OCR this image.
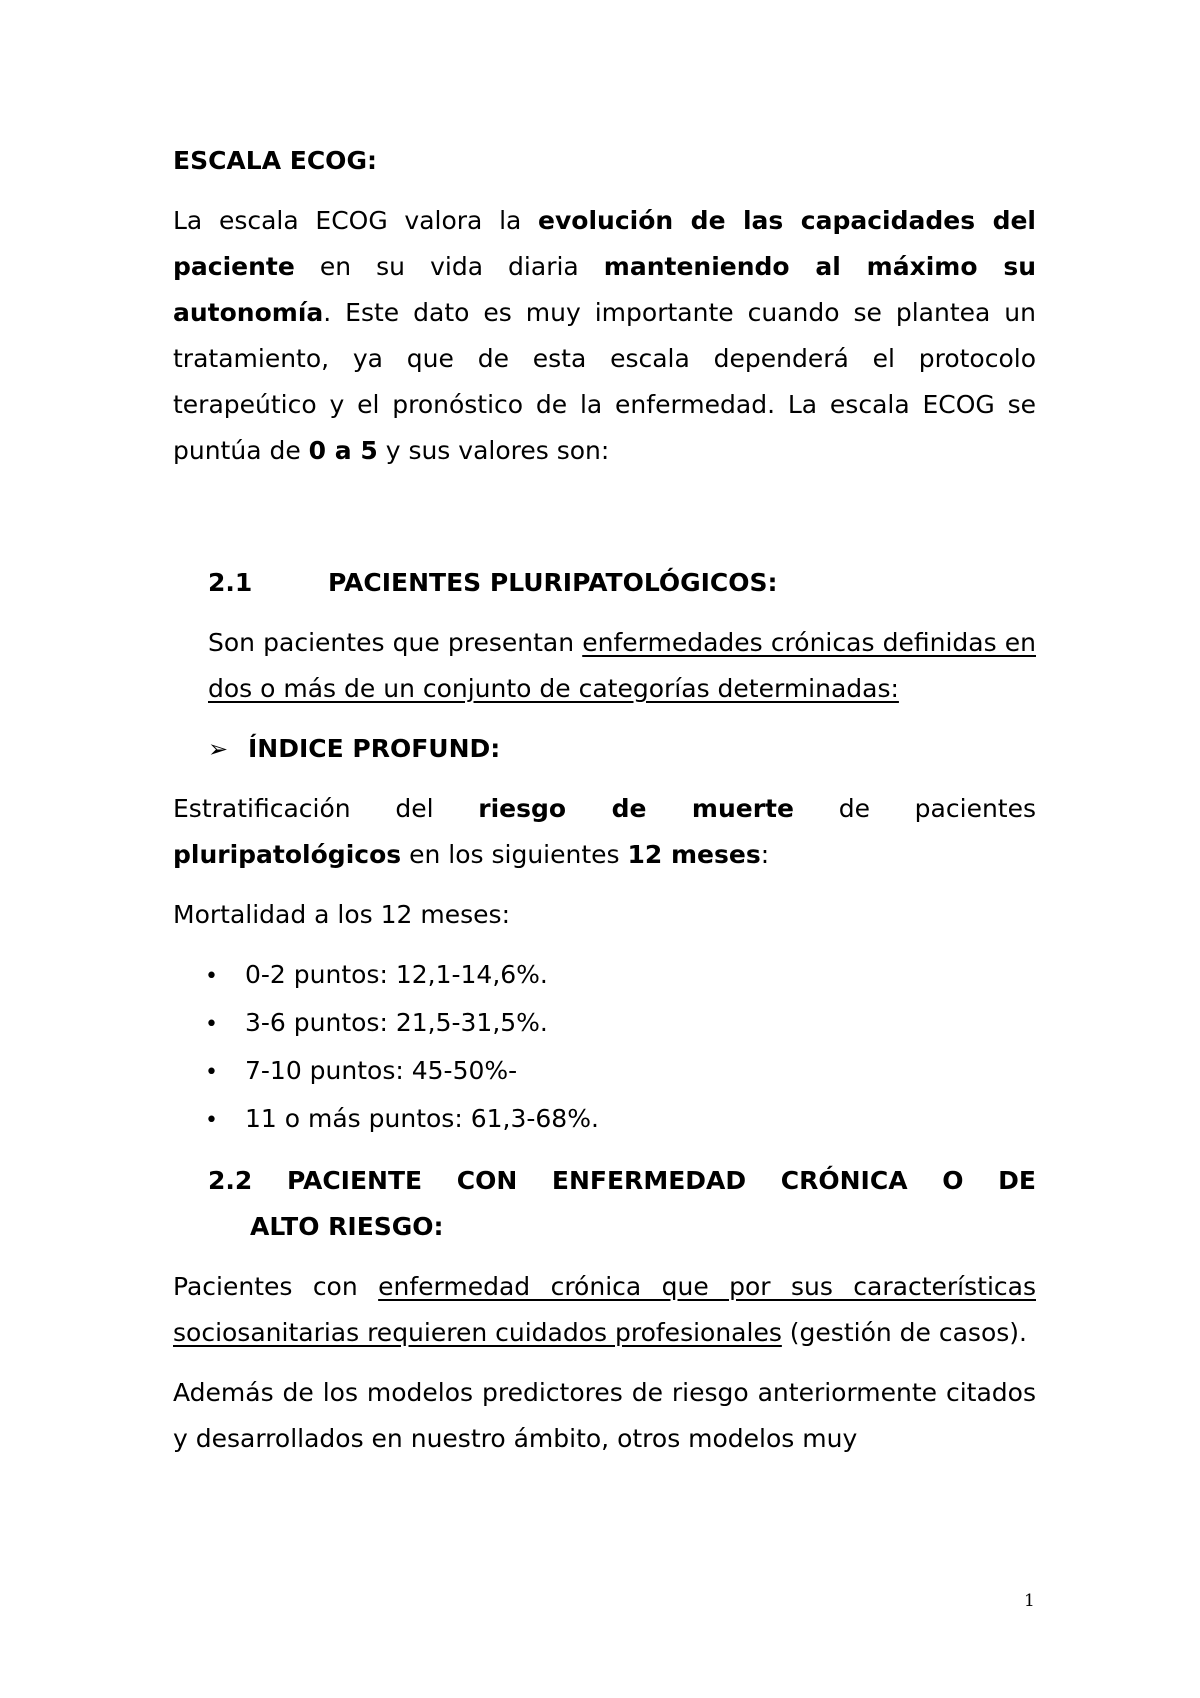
ESCALA ECOG:

La escala ECOG valora la evolución de las capacidades del paciente en su vida diaria manteniendo al máximo su autonomía. Este dato es muy importante cuando se plantea un tratamiento, ya que de esta escala dependerá el protocolo terapeútico y el pronóstico de la enfermedad. La escala ECOG se puntúa de 0 a 5 y sus valores son:

2.1	PACIENTES PLURIPATOLÓGICOS:

Son pacientes que presentan enfermedades crónicas definidas en dos o más de un conjunto de categorías determinadas:

➢ ÍNDICE PROFUND:

Estratificación del riesgo de muerte de pacientes pluripatológicos en los siguientes 12 meses:

Mortalidad a los 12 meses:

•	0-2 puntos: 12,1-14,6%.
•	3-6 puntos: 21,5-31,5%.
•	7-10 puntos: 45-50%-
•	11 o más puntos: 61,3-68%.
2.2 PACIENTE CON ENFERMEDAD CRÓNICA O DE
ALTO RIESGO:

Pacientes con enfermedad crónica que por sus características sociosanitarias requieren cuidados profesionales (gestión de casos).

Además de los modelos predictores de riesgo anteriormente citados y desarrollados en nuestro ámbito, otros modelos muy

1
